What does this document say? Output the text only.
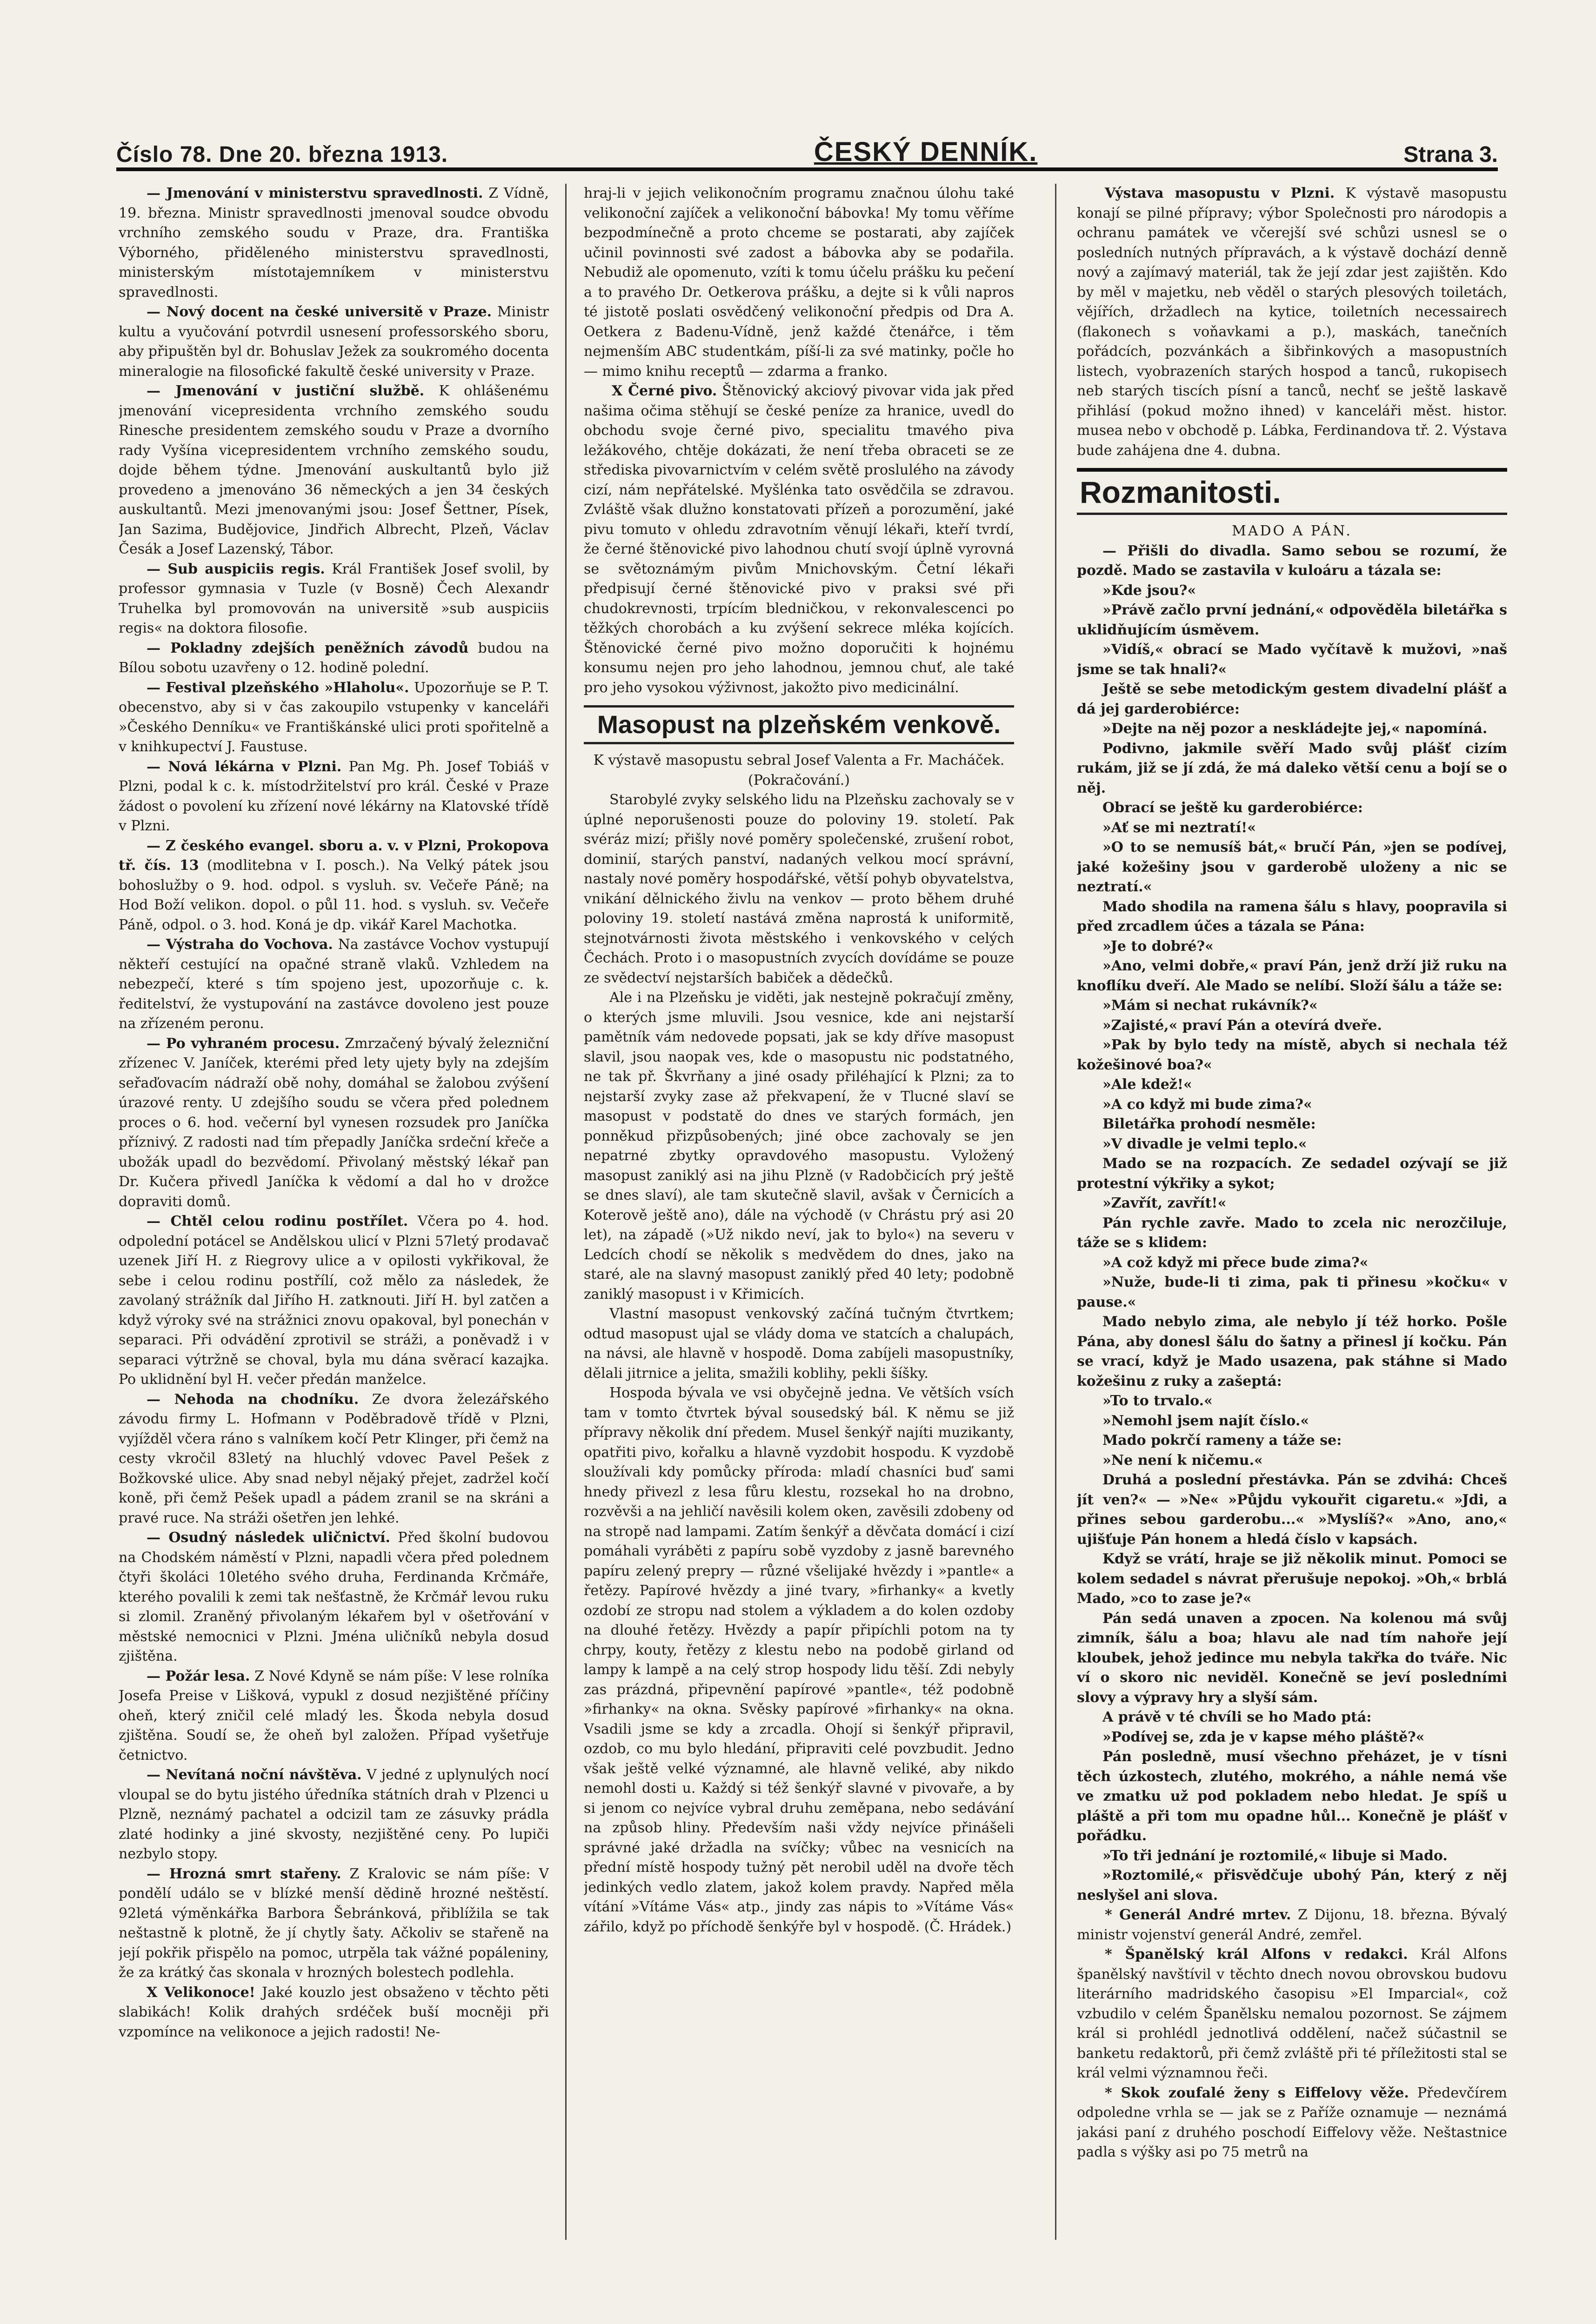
Číslo 78. Dne 20. března 1913.	ČESKÝ DENNÍK.	Strana 3.

— Jmenování v ministerstvu spravedlnosti. Z Vídně, 19. března. Ministr spravedlnosti jmenoval soudce obvodu vrchního zemského soudu v Praze, dra. Františka Výborného, přiděleného ministerstvu spravedlnosti, ministerským místotajemníkem v ministerstvu spravedlnosti.

— Nový docent na české universitě v Praze. Ministr kultu a vyučování potvrdil usnesení professorského sboru, aby připuštěn byl dr. Bohuslav Ježek za soukromého docenta mineralogie na filosofické fakultě české university v Praze.

— Jmenování v justiční službě. K ohlášenému jmenování vicepresidenta vrchního zemského soudu Rinesche presidentem zemského soudu v Praze a dvorního rady Vyšína vicepresidentem vrchního zemského soudu, dojde během týdne. Jmenování auskultantů bylo již provedeno a jmenováno 36 německých a jen 34 českých auskultantů. Mezi jmenovanými jsou: Josef Šettner, Písek, Jan Sazima, Budějovice, Jindřich Albrecht, Plzeň, Václav Česák a Josef Lazenský, Tábor.

— Sub auspiciis regis. Král František Josef svolil, by professor gymnasia v Tuzle (v Bosně) Čech Alexandr Truhelka byl promovován na universitě »sub auspiciis regis« na doktora filosofie.

— Pokladny zdejších peněžních závodů budou na Bílou sobotu uzavřeny o 12. hodině polední.

— Festival plzeňského »Hlaholu«. Upozorňuje se P. T. obecenstvo, aby si v čas zakoupilo vstupenky v kanceláři »Českého Denníku« ve Františkánské ulici proti spořitelně a v knihkupectví J. Faustuse.

— Nová lékárna v Plzni. Pan Mg. Ph. Josef Tobiáš v Plzni, podal k c. k. místodržitelství pro král. České v Praze žádost o povolení ku zřízení nové lékárny na Klatovské třídě v Plzni.

— Z českého evangel. sboru a. v. v Plzni, Prokopova tř. čís. 13 (modlitebna v I. posch.). Na Velký pátek jsou bohoslužby o 9. hod. odpol. s vysluh. sv. Večeře Páně; na Hod Boží velikon. dopol. o půl 11. hod. s vysluh. sv. Večeře Páně, odpol. o 3. hod. Koná je dp. vikář Karel Machotka.

— Výstraha do Vochova. Na zastávce Vochov vystupují někteří cestující na opačné straně vlaků. Vzhledem na nebezpečí, které s tím spojeno jest, upozorňuje c. k. ředitelství, že vystupování na zastávce dovoleno jest pouze na zřízeném peronu.

— Po vyhraném procesu. Zmrzačený bývalý železniční zřízenec V. Janíček, kterémi před lety ujety byly na zdejším seřaďovacím nádraží obě nohy, domáhal se žalobou zvýšení úrazové renty. U zdejšího soudu se včera před polednem proces o 6. hod. večerní byl vynesen rozsudek pro Janíčka příznivý. Z radosti nad tím přepadly Janíčka srdeční křeče a ubožák upadl do bezvědomí. Přivolaný městský lékař pan Dr. Kučera přivedl Janíčka k vědomí a dal ho v drožce dopraviti domů.

— Chtěl celou rodinu postřílet. Včera po 4. hod. odpolední potácel se Andělskou ulicí v Plzni 57letý prodavač uzenek Jiří H. z Riegrovy ulice a v opilosti vykřikoval, že sebe i celou rodinu postřílí, což mělo za následek, že zavolaný strážník dal Jiřího H. zatknouti. Jiří H. byl zatčen a když výroky své na strážnici znovu opakoval, byl ponechán v separaci. Při odvádění zprotivil se stráži, a poněvadž i v separaci výtržně se choval, byla mu dána svěrací kazajka. Po uklidnění byl H. večer předán manželce.

— Nehoda na chodníku. Ze dvora železářského závodu firmy L. Hofmann v Poděbradově třídě v Plzni, vyjížděl včera ráno s valníkem kočí Petr Klinger, při čemž na cesty vkročil 83letý na hluchlý vdovec Pavel Pešek z Božkovské ulice. Aby snad nebyl nějaký přejet, zadržel kočí koně, při čemž Pešek upadl a pádem zranil se na skráni a pravé ruce. Na stráži ošetřen jen lehké.

— Osudný následek uličnictví. Před školní budovou na Chodském náměstí v Plzni, napadli včera před polednem čtyři školáci 10letého svého druha, Ferdinanda Krčmáře, kterého povalili k zemi tak nešťastně, že Krčmář levou ruku si zlomil. Zraněný přivolaným lékařem byl v ošetřování v městské nemocnici v Plzni. Jména uličníků nebyla dosud zjištěna.

— Požár lesa. Z Nové Kdyně se nám píše: V lese rolníka Josefa Preise v Lišková, vypukl z dosud nezjištěné příčiny oheň, který zničil celé mladý les. Škoda nebyla dosud zjištěna. Soudí se, že oheň byl založen. Případ vyšetřuje četnictvo.

— Nevítaná noční návštěva. V jedné z uplynulých nocí vloupal se do bytu jistého úředníka státních drah v Plzenci u Plzně, neznámý pachatel a odcizil tam ze zásuvky prádla zlaté hodinky a jiné skvosty, nezjištěné ceny. Po lupiči nezbylo stopy.

— Hrozná smrt stařeny. Z Kralovic se nám píše: V pondělí událo se v blízké menší dědině hrozné neštěstí. 92letá výměnkářka Barbora Šebránková, přiblížila se tak neštastně k plotně, že jí chytly šaty. Ačkoliv se stařeně na její pokřik přispělo na pomoc, utrpěla tak vážné popáleniny, že za krátký čas skonala v hrozných bolestech podlehla.

X Velikonoce! Jaké kouzlo jest obsaženo v těchto pěti slabikách! Kolik drahých srdéček buší mocněji při vzpomínce na velikonoce a jejich radosti! Ne-

hraj-li v jejich velikonočním programu značnou úlohu také velikonoční zajíček a velikonoční bábovka! My tomu věříme bezpodmínečně a proto chceme se postarati, aby zajíček učinil povinnosti své zadost a bábovka aby se podařila. Nebudiž ale opomenuto, vzíti k tomu účelu prášku ku pečení a to pravého Dr. Oetkerova prášku, a dejte si k vůli napros té jistotě poslati osvědčený velikonoční předpis od Dra A. Oetkera z Badenu-Vídně, jenž každé čtenářce, i těm nejmenším ABC studentkám, píší-li za své matinky, počle ho — mimo knihu receptů — zdarma a franko.

X Černé pivo. Štěnovický akciový pivovar vida jak před našima očima stěhují se české peníze za hranice, uvedl do obchodu svoje černé pivo, specialitu tmavého piva ležákového, chtěje dokázati, že není třeba obraceti se ze střediska pivovarnictvím v celém světě proslulého na závody cizí, nám nepřátelské. Myšlénka tato osvědčila se zdravou. Zvláště však dlužno konstatovati přízeň a porozumění, jaké pivu tomuto v ohledu zdravotním věnují lékaři, kteří tvrdí, že černé štěnovické pivo lahodnou chutí svojí úplně vyrovná se světoznámým pivům Mnichovským. Četní lékaři předpisují černé štěnovické pivo v praksi své při chudokrevnosti, trpícím bledničkou, v rekonvalescenci po těžkých chorobách a ku zvýšení sekrece mléka kojících. Štěnovické černé pivo možno doporučiti k hojnému konsumu nejen pro jeho lahodnou, jemnou chuť, ale také pro jeho vysokou výživnost, jakožto pivo medicinální.

Masopust na plzeňském venkově.

K výstavě masopustu sebral Josef Valenta a Fr. Macháček.

(Pokračování.)

Starobylé zvyky selského lidu na Plzeňsku zachovaly se v úplné neporušenosti pouze do poloviny 19. století. Pak svéráz mizí; přišly nové poměry společenské, zrušení robot, dominií, starých panství, nadaných velkou mocí správní, nastaly nové poměry hospodářské, větší pohyb obyvatelstva, vnikání dělnického živlu na venkov — proto během druhé poloviny 19. století nastává změna naprostá k uniformitě, stejnotvárnosti života městského i venkovského v celých Čechách. Proto i o masopustních zvycích dovídáme se pouze ze svědectví nejstarších babiček a dědečků.

Ale i na Plzeňsku je viděti, jak nestejně pokračují změny, o kterých jsme mluvili. Jsou vesnice, kde ani nejstarší pamětník vám nedovede popsati, jak se kdy dříve masopust slavil, jsou naopak ves, kde o masopustu nic podstatného, ne tak př. Škvrňany a jiné osady přiléhající k Plzni; za to nejstarší zvyky zase až překvapení, že v Tlucné slaví se masopust v podstatě do dnes ve starých formách, jen ponněkud přizpůsobených; jiné obce zachovaly se jen nepatrné zbytky opravdového masopustu. Vyložený masopust zaniklý asi na jihu Plzně (v Radobčicích prý ještě se dnes slaví), ale tam skutečně slavil, avšak v Černicích a Koterově ještě ano), dále na východě (v Chrástu prý asi 20 let), na západě (»Už nikdo neví, jak to bylo«) na severu v Ledcích chodí se několik s medvědem do dnes, jako na staré, ale na slavný masopust zaniklý před 40 lety; podobně zaniklý masopust i v Křimicích.

Vlastní masopust venkovský začíná tučným čtvrtkem; odtud masopust ujal se vlády doma ve statcích a chalupách, na návsi, ale hlavně v hospodě. Doma zabíjeli masopustníky, dělali jitrnice a jelita, smažili koblihy, pekli šíšky.

Hospoda bývala ve vsi obyčejně jedna. Ve větších vsích tam v tomto čtvrtek býval sousedský bál. K němu se již přípravy několik dní předem. Musel šenkýř najíti muzikanty, opatřiti pivo, kořalku a hlavně vyzdobit hospodu. K vyzdobě sloužívali kdy pomůcky příroda: mladí chasníci buď sami hnedy přivezl z lesa fůru klestu, rozsekal ho na drobno, rozvěvši a na jehličí navěsili kolem oken, zavěsili zdobeny od na stropě nad lampami. Zatím šenkýř a děvčata domácí i cizí pomáhali vyráběti z papíru sobě vyzdoby z jasně barevného papíru zelený prepry — různé všelijaké hvězdy i »pantle« a řetězy. Papírové hvězdy a jiné tvary, »firhanky« a kvetly ozdobí ze stropu nad stolem a výkladem a do kolen ozdoby na dlouhé řetězy. Hvězdy a papír připíchli potom na ty chrpy, kouty, řetězy z klestu nebo na podobě girland od lampy k lampě a na celý strop hospody lidu těší. Zdi nebyly zas prázdná, připevnění papírové »pantle«, též podobně »firhanky« na okna. Svěsky papírové »firhanky« na okna. Vsadili jsme se kdy a zrcadla. Ohojí si šenkýř připravil, ozdob, co mu bylo hledání, připraviti celé povzbudit. Jedno však ještě velké významné, ale hlavně veliké, aby nikdo nemohl dosti u. Každý si též šenkýř slavné v pivovaře, a by si jenom co nejvíce vybral druhu zeměpana, nebo sedávání na způsob hliny. Především naši vždy nejvíce přinášeli správné jaké držadla na svíčky; vůbec na vesnicích na přední místě hospody tužný pět nerobil uděl na dvoře těch jedinkých vedlo zlatem, jakož kolem pravdy. Napřed měla vítání »Vítáme Vás« atp., jindy zas nápis to »Vítáme Vás« zářilo, když po příchodě šenkýře byl v hospodě. (Č. Hrádek.)

Výstava masopustu v Plzni. K výstavě masopustu konají se pilné přípravy; výbor Společnosti pro národopis a ochranu památek ve včerejší své schůzi usnesl se o posledních nutných přípravách, a k výstavě dochází denně nový a zajímavý materiál, tak že její zdar jest zajištěn. Kdo by měl v majetku, neb věděl o starých plesových toiletách, vějířích, držadlech na kytice, toiletních necessairech (flakonech s voňavkami a p.), maskách, tanečních pořádcích, pozvánkách a šibřinkových a masopustních listech, vyobrazeních starých hospod a tanců, rukopisech neb starých tiscích písní a tanců, nechť se ještě laskavě přihlásí (pokud možno ihned) v kanceláři měst. histor. musea nebo v obchodě p. Lábka, Ferdinandova tř. 2. Výstava bude zahájena dne 4. dubna.

Rozmanitosti.

MADO A PÁN.

— Přišli do divadla. Samo sebou se rozumí, že pozdě. Mado se zastavila v kuloáru a tázala se:

»Kde jsou?«

»Právě začlo první jednání,« odpověděla biletářka s uklidňujícím úsměvem.

»Vidíš,« obrací se Mado vyčítavě k mužovi, »naš jsme se tak hnali?«

Ještě se sebe metodickým gestem divadelní plášť a dá jej garderobiérce:

»Dejte na něj pozor a neskládejte jej,« napomíná.

Podivno, jakmile svěří Mado svůj plášť cizím rukám, již se jí zdá, že má daleko větší cenu a bojí se o něj.

Obrací se ještě ku garderobiérce:

»Ať se mi neztratí!«

»O to se nemusíš bát,« bručí Pán, »jen se podívej, jaké kožešiny jsou v garderobě uloženy a nic se neztratí.«

Mado shodila na ramena šálu s hlavy, poopravila si před zrcadlem účes a tázala se Pána:

»Je to dobré?«

»Ano, velmi dobře,« praví Pán, jenž drží již ruku na knoflíku dveří. Ale Mado se nelíbí. Složí šálu a táže se:

»Mám si nechat rukávník?«

»Zajisté,« praví Pán a otevírá dveře.

»Pak by bylo tedy na místě, abych si nechala též kožešinové boa?«

»Ale kdež!«

»A co když mi bude zima?«

Biletářka prohodí nesměle:

»V divadle je velmi teplo.«

Mado se na rozpacích. Ze sedadel ozývají se již protestní výkřiky a sykot;

»Zavřít, zavřít!«

Pán rychle zavře. Mado to zcela nic nerozčiluje, táže se s klidem:

»A což když mi přece bude zima?«

»Nuže, bude-li ti zima, pak ti přinesu »kočku« v pause.«

Mado nebylo zima, ale nebylo jí též horko. Pošle Pána, aby donesl šálu do šatny a přinesl jí kočku. Pán se vrací, když je Mado usazena, pak stáhne si Mado kožešinu z ruky a zašeptá:

»To to trvalo.«

»Nemohl jsem najít číslo.«

Mado pokrčí rameny a táže se:

»Ne není k ničemu.«

Druhá a poslední přestávka. Pán se zdvihá: Chceš jít ven?« — »Ne« »Půjdu vykouřit cigaretu.« »Jdi, a přines sebou garderobu...« »Myslíš?« »Ano, ano,« ujišťuje Pán honem a hledá číslo v kapsách.

Když se vrátí, hraje se již několik minut. Pomoci se kolem sedadel s návrat přerušuje nepokoj. »Oh,« brblá Mado, »co to zase je?«

Pán sedá unaven a zpocen. Na kolenou má svůj zimník, šálu a boa; hlavu ale nad tím nahoře její kloubek, jehož jedince mu nebyla takřka do tváře. Nic ví o skoro nic neviděl. Konečně se jeví posledními slovy a výpravy hry a slyší sám.

A právě v té chvíli se ho Mado ptá:

»Podívej se, zda je v kapse mého pláště?«

Pán posledně, musí všechno přeházet, je v tísni těch úzkostech, zlutého, mokrého, a náhle nemá vše ve zmatku už pod pokladem nebo hledat. Je spíš u pláště a při tom mu opadne hůl... Konečně je plášť v pořádku.

»To tři jednání je roztomilé,« libuje si Mado.

»Roztomilé,« přisvědčuje ubohý Pán, který z něj neslyšel ani slova.

* Generál André mrtev. Z Dijonu, 18. března. Bývalý ministr vojenství generál André, zemřel.

* Španělský král Alfons v redakci. Král Alfons španělský navštívil v těchto dnech novou obrovskou budovu literárního madridského časopisu »El Imparcial«, což vzbudilo v celém Španělsku nemalou pozornost. Se zájmem král si prohlédl jednotlivá oddělení, načež súčastnil se banketu redaktorů, při čemž zvláště při té příležitosti stal se král velmi významnou řeči.

* Skok zoufalé ženy s Eiffelovy věže. Předevčírem odpoledne vrhla se — jak se z Paříže oznamuje — neznámá jakási paní z druhého poschodí Eiffelovy věže. Neštastnice padla s výšky asi po 75 metrů na
